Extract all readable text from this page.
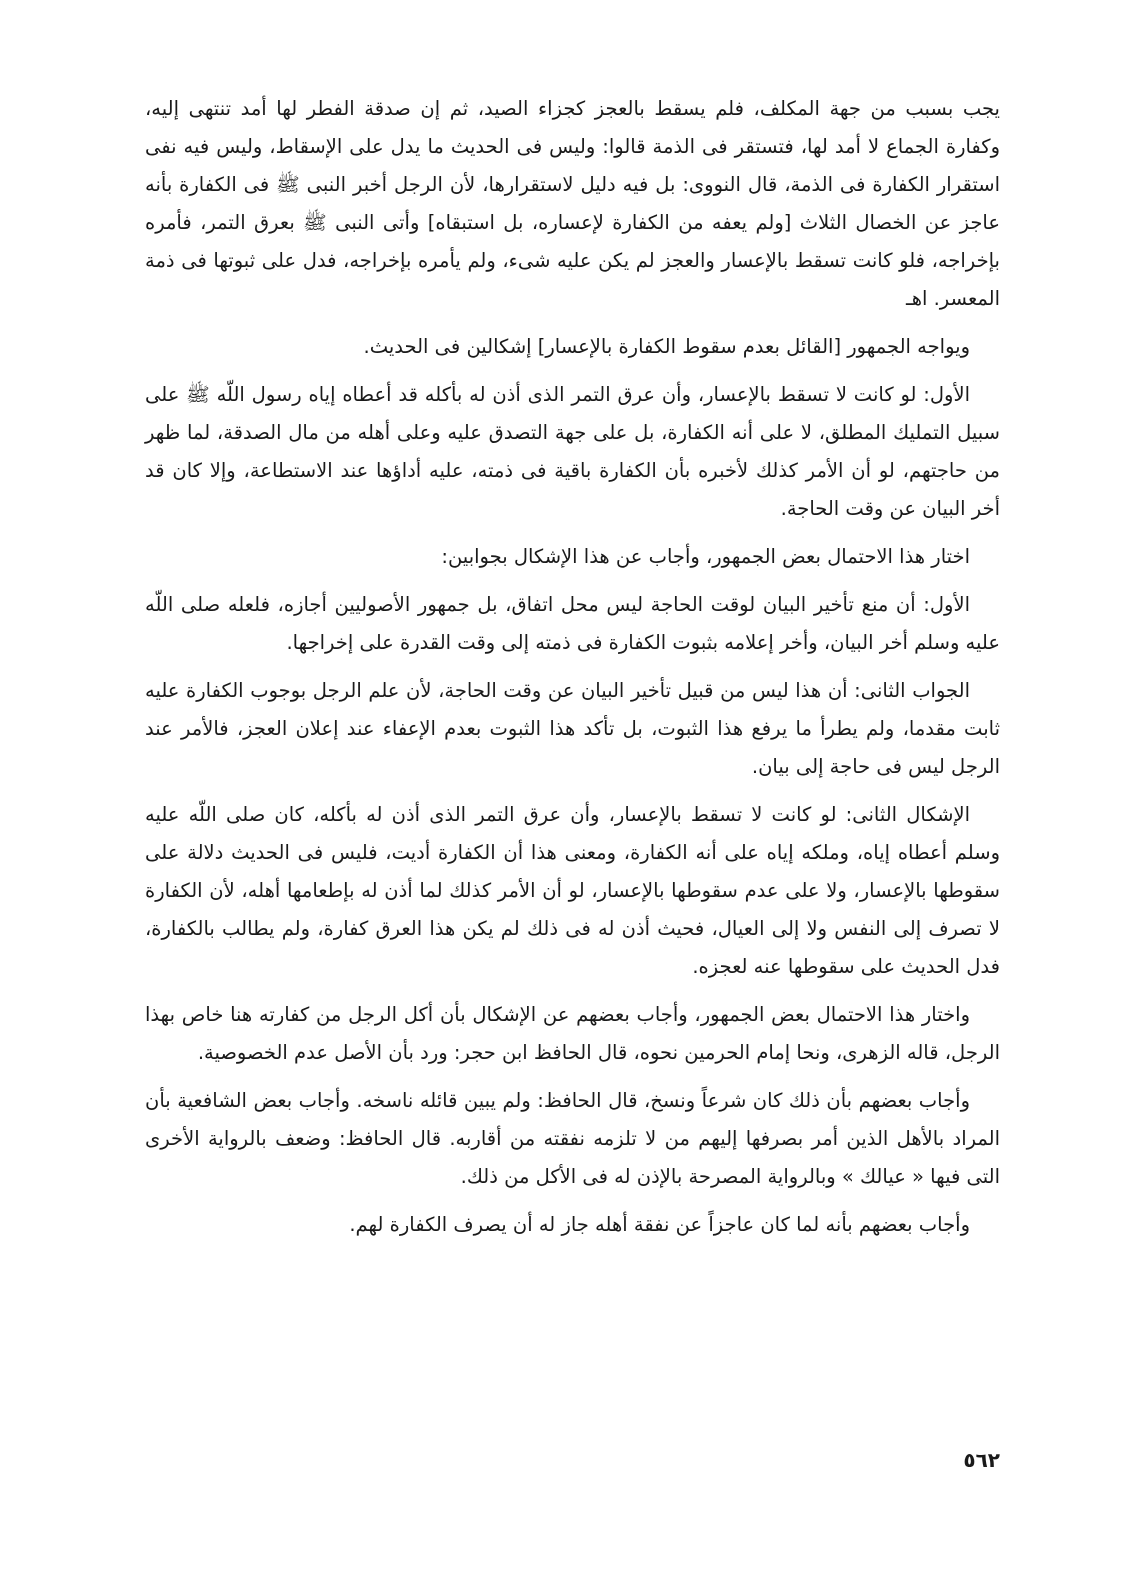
يجب بسبب من جهة المكلف، فلم يسقط بالعجز كجزاء الصيد، ثم إن صدقة الفطر لها أمد تنتهى إليه، وكفارة الجماع لا أمد لها، فتستقر فى الذمة قالوا: وليس فى الحديث ما يدل على الإسقاط، وليس فيه نفى استقرار الكفارة فى الذمة، قال النووى: بل فيه دليل لاستقرارها، لأن الرجل أخبر النبى ﷺ فى الكفارة بأنه عاجز عن الخصال الثلاث [ولم يعفه من الكفارة لإعساره، بل استبقاه] وأتى النبى ﷺ بعرق التمر، فأمره بإخراجه، فلو كانت تسقط بالإعسار والعجز لم يكن عليه شىء، ولم يأمره بإخراجه، فدل على ثبوتها فى ذمة المعسر. اهـ

ويواجه الجمهور [القائل بعدم سقوط الكفارة بالإعسار] إشكالين فى الحديث.

الأول: لو كانت لا تسقط بالإعسار، وأن عرق التمر الذى أذن له بأكله قد أعطاه إياه رسول اللّه ﷺ على سبيل التمليك المطلق، لا على أنه الكفارة، بل على جهة التصدق عليه وعلى أهله من مال الصدقة، لما ظهر من حاجتهم، لو أن الأمر كذلك لأخبره بأن الكفارة باقية فى ذمته، عليه أداؤها عند الاستطاعة، وإلا كان قد أخر البيان عن وقت الحاجة.

اختار هذا الاحتمال بعض الجمهور، وأجاب عن هذا الإشكال بجوابين:

الأول: أن منع تأخير البيان لوقت الحاجة ليس محل اتفاق، بل جمهور الأصوليين أجازه، فلعله صلى اللّه عليه وسلم أخر البيان، وأخر إعلامه بثبوت الكفارة فى ذمته إلى وقت القدرة على إخراجها.

الجواب الثانى: أن هذا ليس من قبيل تأخير البيان عن وقت الحاجة، لأن علم الرجل بوجوب الكفارة عليه ثابت مقدما، ولم يطرأ ما يرفع هذا الثبوت، بل تأكد هذا الثبوت بعدم الإعفاء عند إعلان العجز، فالأمر عند الرجل ليس فى حاجة إلى بيان.

الإشكال الثانى: لو كانت لا تسقط بالإعسار، وأن عرق التمر الذى أذن له بأكله، كان صلى اللّه عليه وسلم أعطاه إياه، وملكه إياه على أنه الكفارة، ومعنى هذا أن الكفارة أديت، فليس فى الحديث دلالة على سقوطها بالإعسار، ولا على عدم سقوطها بالإعسار، لو أن الأمر كذلك لما أذن له بإطعامها أهله، لأن الكفارة لا تصرف إلى النفس ولا إلى العيال، فحيث أذن له فى ذلك لم يكن هذا العرق كفارة، ولم يطالب بالكفارة، فدل الحديث على سقوطها عنه لعجزه.

واختار هذا الاحتمال بعض الجمهور، وأجاب بعضهم عن الإشكال بأن أكل الرجل من كفارته هنا خاص بهذا الرجل، قاله الزهرى، ونحا إمام الحرمين نحوه، قال الحافظ ابن حجر: ورد بأن الأصل عدم الخصوصية.

وأجاب بعضهم بأن ذلك كان شرعاً ونسخ، قال الحافظ: ولم يبين قائله ناسخه. وأجاب بعض الشافعية بأن المراد بالأهل الذين أمر بصرفها إليهم من لا تلزمه نفقته من أقاربه. قال الحافظ: وضعف بالرواية الأخرى التى فيها « عيالك » وبالرواية المصرحة بالإذن له فى الأكل من ذلك.

وأجاب بعضهم بأنه لما كان عاجزاً عن نفقة أهله جاز له أن يصرف الكفارة لهم.

٥٦٢
